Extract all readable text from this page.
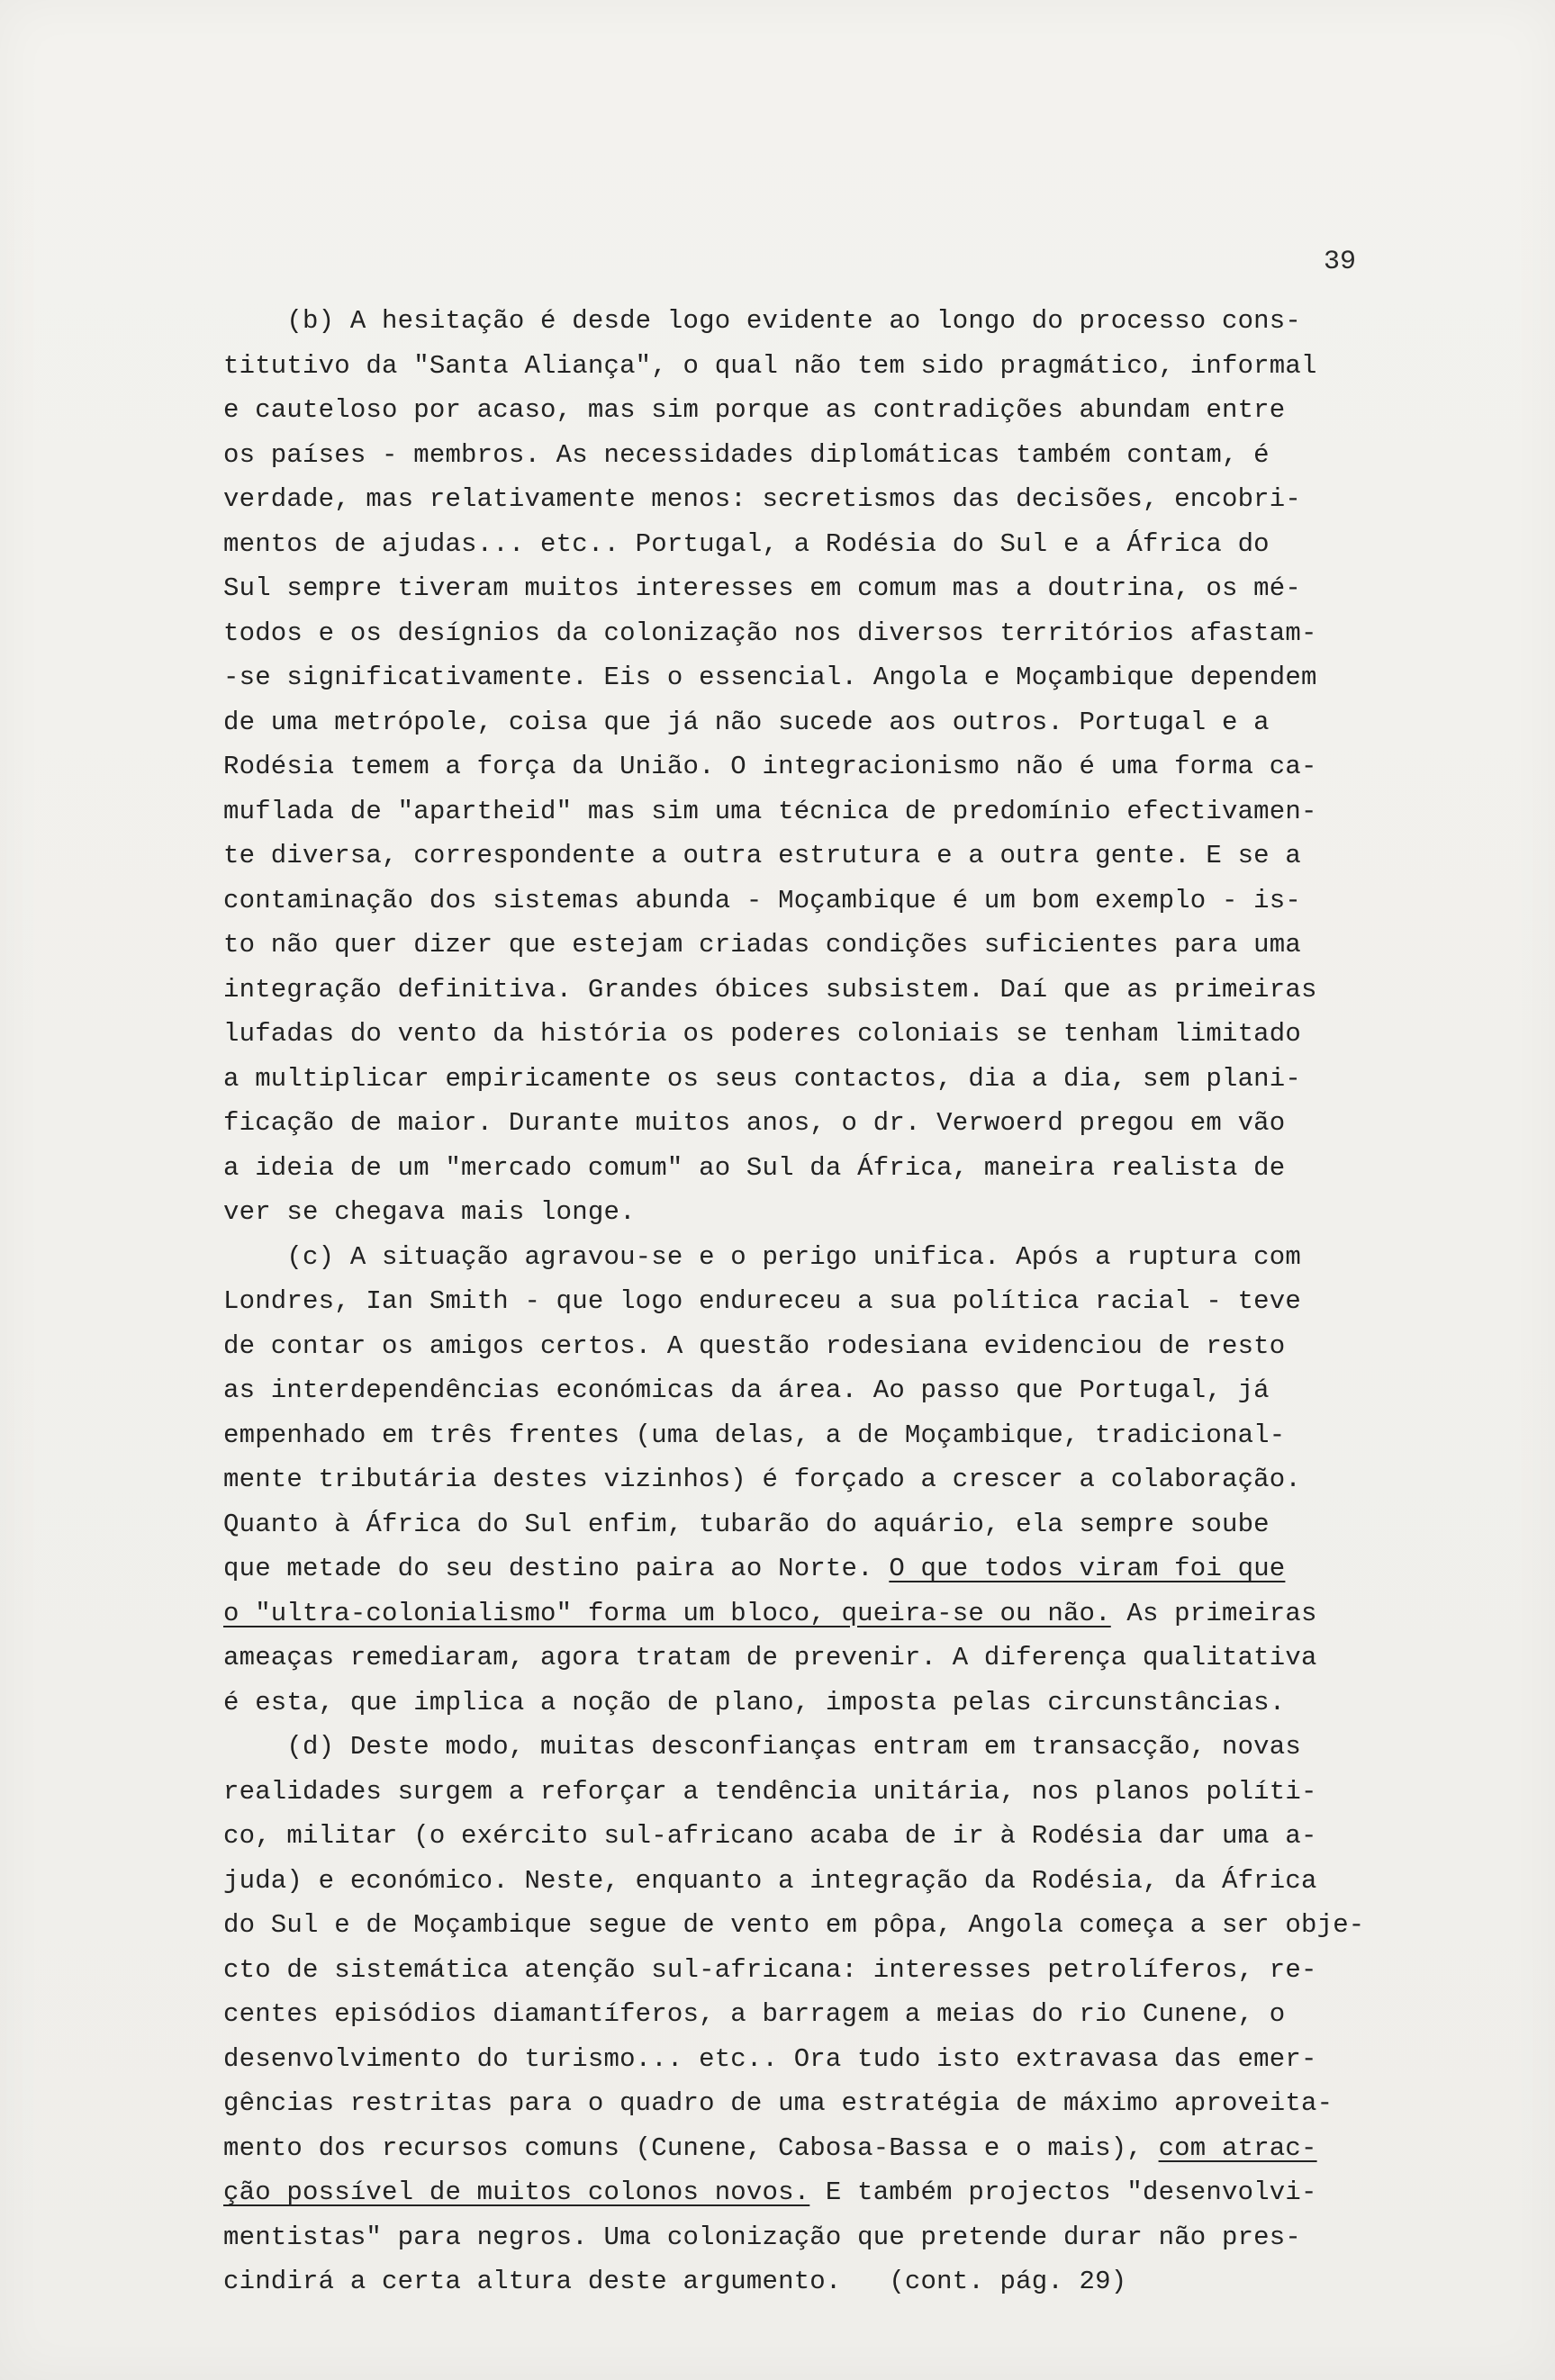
39
(b) A hesitação é desde logo evidente ao longo do processo cons-
titutivo da "Santa Aliança", o qual não tem sido pragmático, informal
e cauteloso por acaso, mas sim porque as contradições abundam entre
os países - membros. As necessidades diplomáticas também contam, é
verdade, mas relativamente menos: secretismos das decisões, encobri-
mentos de ajudas... etc.. Portugal, a Rodésia do Sul e a África do
Sul sempre tiveram muitos interesses em comum mas a doutrina, os mé-
todos e os desígnios da colonização nos diversos territórios afastam-
-se significativamente. Eis o essencial. Angola e Moçambique dependem
de uma metrópole, coisa que já não sucede aos outros. Portugal e a
Rodésia temem a força da União. O integracionismo não é uma forma ca-
muflada de "apartheid" mas sim uma técnica de predomínio efectivamen-
te diversa, correspondente a outra estrutura e a outra gente. E se a
contaminação dos sistemas abunda - Moçambique é um bom exemplo - is-
to não quer dizer que estejam criadas condições suficientes para uma
integração definitiva. Grandes óbices subsistem. Daí que as primeiras
lufadas do vento da história os poderes coloniais se tenham limitado
a multiplicar empiricamente os seus contactos, dia a dia, sem plani-
ficação de maior. Durante muitos anos, o dr. Verwoerd pregou em vão
a ideia de um "mercado comum" ao Sul da África, maneira realista de
ver se chegava mais longe.
(c) A situação agravou-se e o perigo unifica. Após a ruptura com
Londres, Ian Smith - que logo endureceu a sua política racial - teve
de contar os amigos certos. A questão rodesiana evidenciou de resto
as interdependências económicas da área. Ao passo que Portugal, já
empenhado em três frentes (uma delas, a de Moçambique, tradicional-
mente tributária destes vizinhos) é forçado a crescer a colaboração.
Quanto à África do Sul enfim, tubarão do aquário, ela sempre soube
que metade do seu destino paira ao Norte. O que todos viram foi que
o "ultra-colonialismo" forma um bloco, queira-se ou não. As primeiras
ameaças remediaram, agora tratam de prevenir. A diferença qualitativa
é esta, que implica a noção de plano, imposta pelas circunstâncias.
(d) Deste modo, muitas desconfianças entram em transacção, novas
realidades surgem a reforçar a tendência unitária, nos planos políti-
co, militar (o exército sul-africano acaba de ir à Rodésia dar uma a-
juda) e económico. Neste, enquanto a integração da Rodésia, da África
do Sul e de Moçambique segue de vento em pôpa, Angola começa a ser obje-
cto de sistemática atenção sul-africana: interesses petrolíferos, re-
centes episódios diamantíferos, a barragem a meias do rio Cunene, o
desenvolvimento do turismo... etc.. Ora tudo isto extravasa das emer-
gências restritas para o quadro de uma estratégia de máximo aproveita-
mento dos recursos comuns (Cunene, Cabosa-Bassa e o mais), com atrac-
ção possível de muitos colonos novos. E também projectos "desenvolvi-
mentistas" para negros. Uma colonização que pretende durar não pres-
cindirá a certa altura deste argumento.   (cont. pág. 29)
